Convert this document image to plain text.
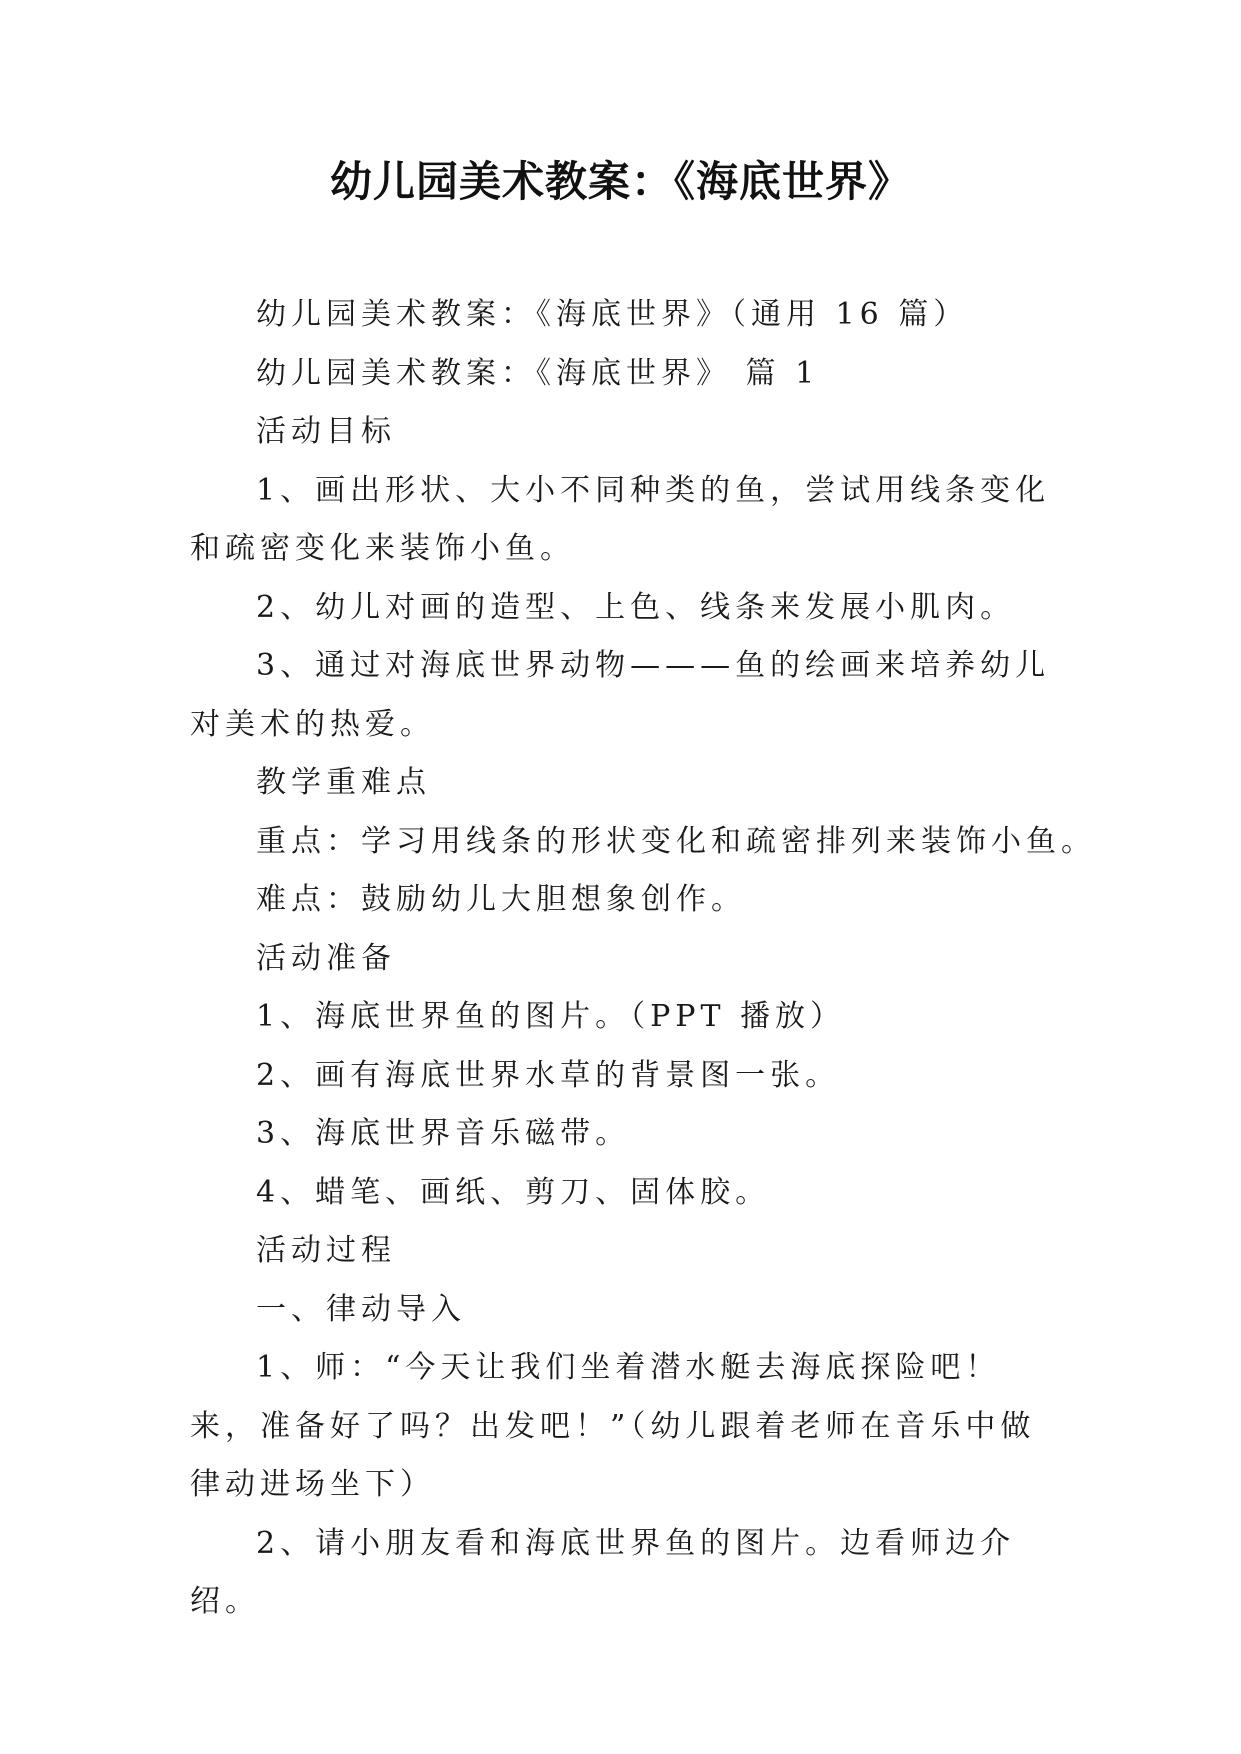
幼儿园美术教案：《海底世界》

幼儿园美术教案：《海底世界》（通用 16 篇）

幼儿园美术教案：《海底世界》 篇 1

活动目标

1、画出形状、大小不同种类的鱼，尝试用线条变化和疏密变化来装饰小鱼。

2、幼儿对画的造型、上色、线条来发展小肌肉。

3、通过对海底世界动物———鱼的绘画来培养幼儿对美术的热爱。

教学重难点

重点：学习用线条的形状变化和疏密排列来装饰小鱼。

难点：鼓励幼儿大胆想象创作。

活动准备

1、海底世界鱼的图片。（PPT 播放）

2、画有海底世界水草的背景图一张。

3、海底世界音乐磁带。

4、蜡笔、画纸、剪刀、固体胶。

活动过程

一、律动导入

1、师：“今天让我们坐着潜水艇去海底探险吧！来，准备好了吗？出发吧！”（幼儿跟着老师在音乐中做律动进场坐下）

2、请小朋友看和海底世界鱼的图片。边看师边介绍。
